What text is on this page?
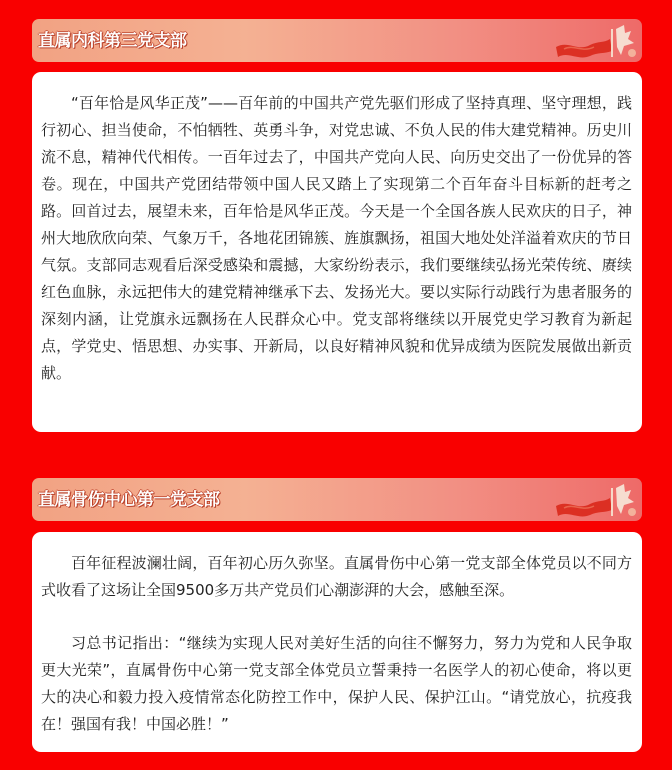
直属内科第三党支部

“百年恰是风华正茂”——百年前的中国共产党先驱们形成了坚持真理、坚守理想，践行初心、担当使命，不怕牺牲、英勇斗争，对党忠诚、不负人民的伟大建党精神。历史川流不息，精神代代相传。一百年过去了，中国共产党向人民、向历史交出了一份优异的答卷。现在，中国共产党团结带领中国人民又踏上了实现第二个百年奋斗目标新的赶考之路。回首过去，展望未来，百年恰是风华正茂。今天是一个全国各族人民欢庆的日子，神州大地欣欣向荣、气象万千，各地花团锦簇、旌旗飘扬，祖国大地处处洋溢着欢庆的节日气氛。支部同志观看后深受感染和震撼，大家纷纷表示，我们要继续弘扬光荣传统、赓续红色血脉，永远把伟大的建党精神继承下去、发扬光大。要以实际行动践行为患者服务的深刻内涵，让党旗永远飘扬在人民群众心中。党支部将继续以开展党史学习教育为新起点，学党史、悟思想、办实事、开新局，以良好精神风貌和优异成绩为医院发展做出新贡献。

直属骨伤中心第一党支部

百年征程波澜壮阔，百年初心历久弥坚。直属骨伤中心第一党支部全体党员以不同方式收看了这场让全国9500多万共产党员们心潮澎湃的大会，感触至深。

习总书记指出：“继续为实现人民对美好生活的向往不懈努力，努力为党和人民争取更大光荣”，直属骨伤中心第一党支部全体党员立誓秉持一名医学人的初心使命，将以更大的决心和毅力投入疫情常态化防控工作中，保护人民、保护江山。“请党放心，抗疫我在！强国有我！中国必胜！”
